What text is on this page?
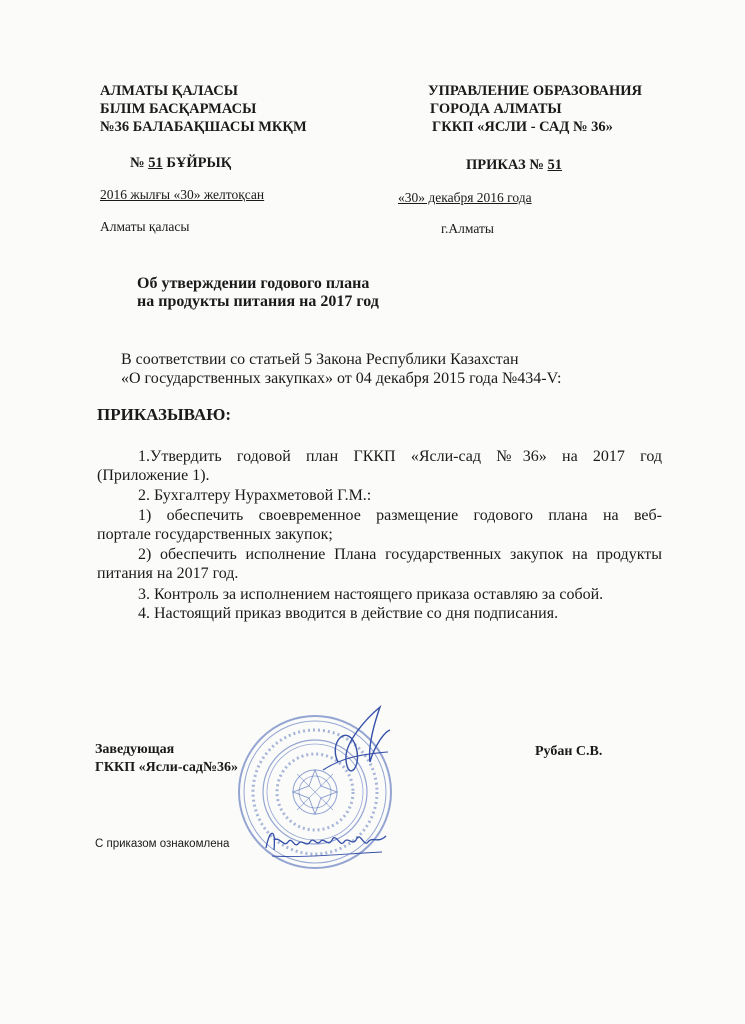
АЛМАТЫ ҚАЛАСЫ
БІЛІМ БАСҚАРМАСЫ
№36 БАЛАБАҚШАСЫ МКҚМ
УПРАВЛЕНИЕ ОБРАЗОВАНИЯ
ГОРОДА АЛМАТЫ
ГККП «ЯСЛИ - САД № 36»
№ 51 БҰЙРЫҚ	ПРИКАЗ № 51
2016 жылғы «30» желтоқсан	«30» декабря 2016 года
Алматы қаласы	г.Алматы
Об утверждении годового плана
на продукты питания на 2017 год
В соответствии со статьей 5 Закона Республики Казахстан
«О государственных закупках» от 04 декабря 2015 года №434-V:
ПРИКАЗЫВАЮ:
1.Утвердить годовой план ГККП «Ясли-сад №36» на 2017 год
(Приложение 1).
2. Бухгалтеру Нурахметовой Г.М.:
1) обеспечить своевременное размещение годового плана на веб-
портале государственных закупок;
2) обеспечить исполнение Плана государственных закупок на продукты
питания на 2017 год.
3. Контроль за исполнением настоящего приказа оставляю за собой.
4. Настоящий приказ вводится в действие со дня подписания.
Заведующая
ГККП «Ясли-сад№36»
Рубан С.В.
С приказом ознакомлена
